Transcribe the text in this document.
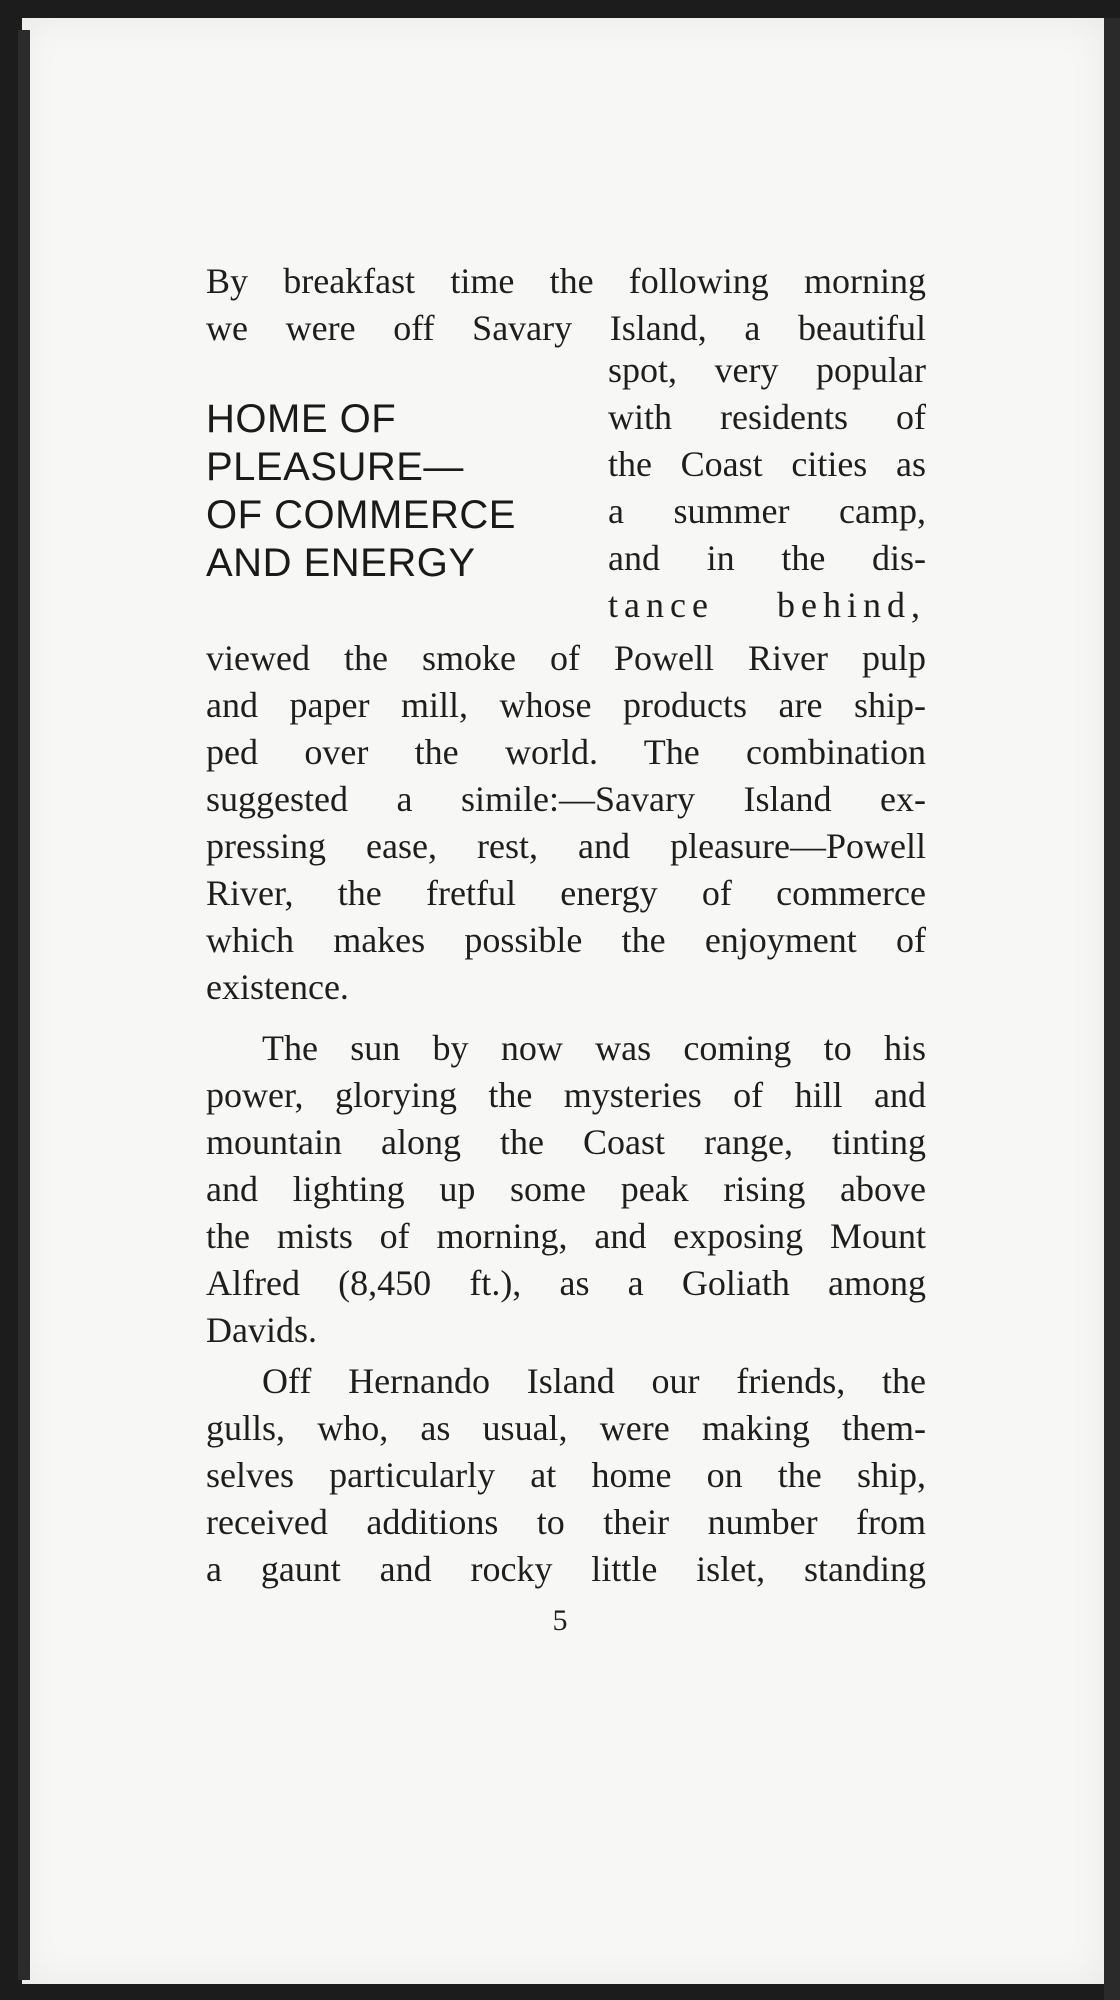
By breakfast time the following morning
we were off Savary Island, a beautiful
HOME OF
PLEASURE—
OF COMMERCE
AND ENERGY
spot, very popular
with residents of
the Coast cities as
a summer camp,
and in the dis-
tance behind,
viewed the smoke of Powell River pulp
and paper mill, whose products are ship-
ped over the world. The combination
suggested a simile:—Savary Island ex-
pressing ease, rest, and pleasure—Powell
River, the fretful energy of commerce
which makes possible the enjoyment of
existence.
The sun by now was coming to his
power, glorying the mysteries of hill and
mountain along the Coast range, tinting
and lighting up some peak rising above
the mists of morning, and exposing Mount
Alfred (8,450 ft.), as a Goliath among
Davids.
Off Hernando Island our friends, the
gulls, who, as usual, were making them-
selves particularly at home on the ship,
received additions to their number from
a gaunt and rocky little islet, standing
5
